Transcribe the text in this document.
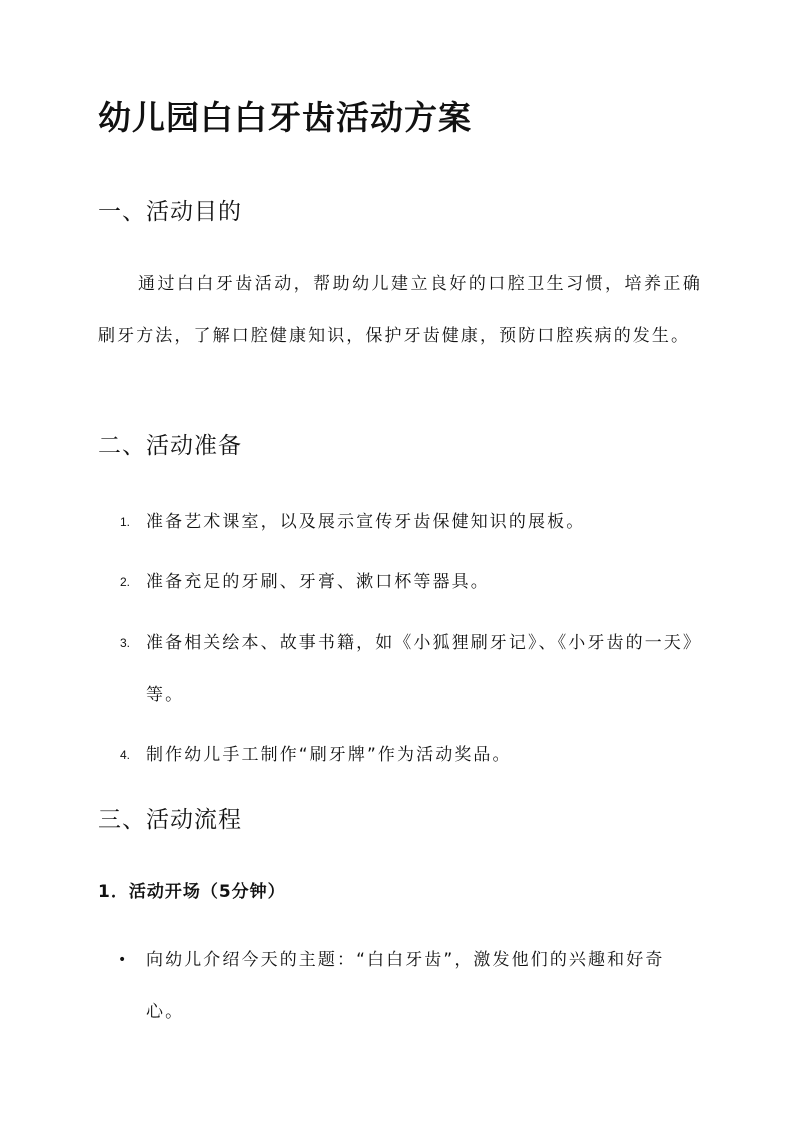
幼儿园白白牙齿活动方案
一、活动目的

通过白白牙齿活动，帮助幼儿建立良好的口腔卫生习惯，培养正确刷牙方法，了解口腔健康知识，保护牙齿健康，预防口腔疾病的发生。

二、活动准备
1. 准备艺术课室，以及展示宣传牙齿保健知识的展板。
2. 准备充足的牙刷、牙膏、漱口杯等器具。
3. 准备相关绘本、故事书籍，如《小狐狸刷牙记》、《小牙齿的一天》等。
4. 制作幼儿手工制作“刷牙牌”作为活动奖品。
三、活动流程
1．活动开场（5分钟）
• 向幼儿介绍今天的主题：“白白牙齿”，激发他们的兴趣和好奇心。
